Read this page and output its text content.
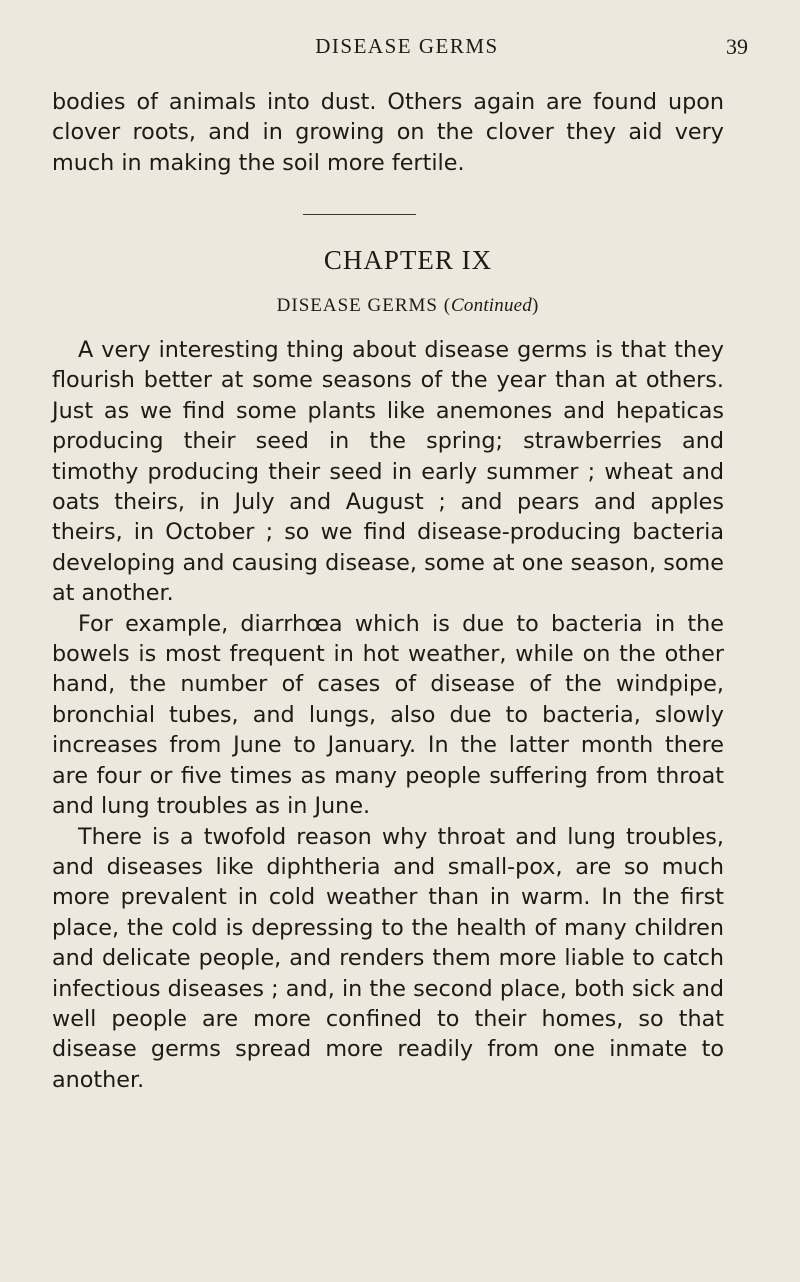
DISEASE GERMS	39

bodies of animals into dust. Others again are found upon clover roots, and in growing on the clover they aid very much in making the soil more fertile.

CHAPTER IX
DISEASE GERMS (Continued)

A very interesting thing about disease germs is that they flourish better at some seasons of the year than at others. Just as we find some plants like anemones and hepaticas producing their seed in the spring; strawberries and timothy producing their seed in early summer ; wheat and oats theirs, in July and August ; and pears and apples theirs, in October ; so we find disease-producing bacteria developing and causing disease, some at one season, some at another.

For example, diarrhœa which is due to bacteria in the bowels is most frequent in hot weather, while on the other hand, the number of cases of disease of the windpipe, bronchial tubes, and lungs, also due to bacteria, slowly increases from June to January. In the latter month there are four or five times as many people suffering from throat and lung troubles as in June.

There is a twofold reason why throat and lung troubles, and diseases like diphtheria and small-pox, are so much more prevalent in cold weather than in warm. In the first place, the cold is depressing to the health of many children and delicate people, and renders them more liable to catch infectious diseases ; and, in the second place, both sick and well people are more confined to their homes, so that disease germs spread more readily from one inmate to another.
